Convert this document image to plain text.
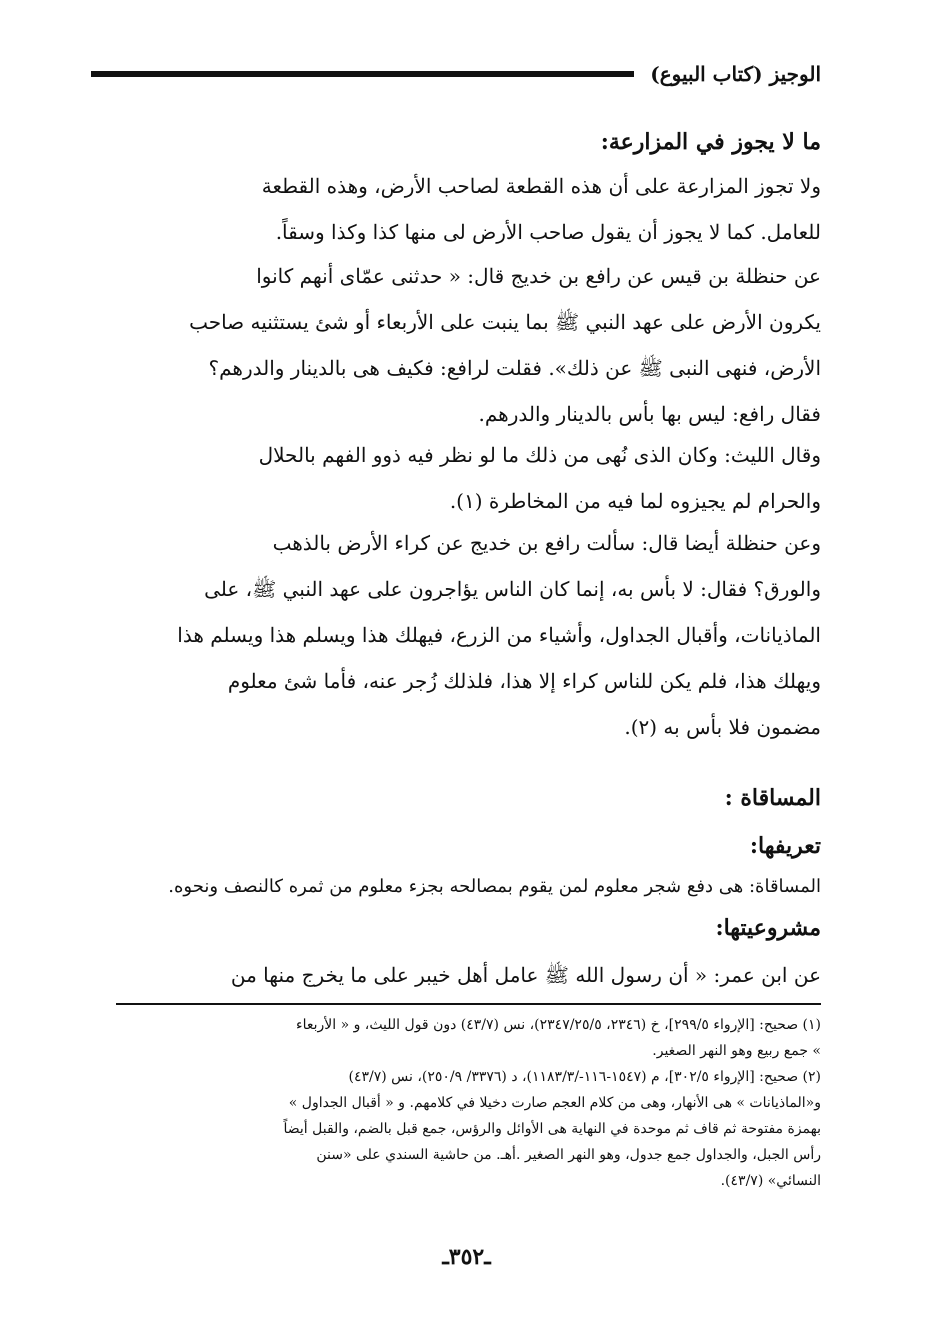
الوجيز (كتاب البيوع)
ما لا يجوز في المزارعة:
ولا تجوز المزارعة على أن هذه القطعة لصاحب الأرض، وهذه القطعة
للعامل. كما لا يجوز أن يقول صاحب الأرض لى منها كذا وكذا وسقاً.
عن حنظلة بن قيس عن رافع بن خديج قال: « حدثنى عمّاى أنهم كانوا
يكرون الأرض على عهد النبي ﷺ بما ينبت على الأربعاء أو شئ يستثنيه صاحب
الأرض، فنهى النبى ﷺ عن ذلك». فقلت لرافع: فكيف هى بالدينار والدرهم؟
فقال رافع: ليس بها بأس بالدينار والدرهم.
وقال الليث: وكان الذى نُهى من ذلك ما لو نظر فيه ذوو الفهم بالحلال
والحرام لم يجيزوه لما فيه من المخاطرة (١).
وعن حنظلة أيضا قال: سألت رافع بن خديج عن كراء الأرض بالذهب
والورق؟ فقال: لا بأس به، إنما كان الناس يؤاجرون على عهد النبي ﷺ، على
الماذيانات، وأقبال الجداول، وأشياء من الزرع، فيهلك هذا ويسلم هذا ويسلم هذا
ويهلك هذا، فلم يكن للناس كراء إلا هذا، فلذلك زُجر عنه، فأما شئ معلوم
مضمون فلا بأس به (٢).
المساقاة :
تعريفها:
المساقاة: هى دفع شجر معلوم لمن يقوم بمصالحه بجزء معلوم من ثمره كالنصف ونحوه.
مشروعيتها:
عن ابن عمر: « أن رسول الله ﷺ عامل أهل خيبر على ما يخرج منها من
(١) صحيح: [الإرواء ٢٩٩/٥]، خ (٢٣٤٦، ٢٣٤٧/٢٥/٥)، نس (٤٣/٧) دون قول الليث، و « الأربعاء
» جمع ربيع وهو النهر الصغير.
(٢) صحيح: [الإرواء ٣٠٢/٥]، م (١٥٤٧-١١٦-/١١٨٣/٣)، د (٣٣٧٦/ ٢٥٠/٩)، نس (٤٣/٧)
و«الماذيانات » هى الأنهار، وهى من كلام العجم صارت دخيلا في كلامهم. و « أقبال الجداول »
بهمزة مفتوحة ثم قاف ثم موحدة في النهاية هى الأوائل والرؤس، جمع قبل بالضم، والقبل أيضاً
رأس الجبل، والجداول جمع جدول، وهو النهر الصغير .أهـ. من حاشية السندي على «سنن
النسائي» (٤٣/٧).
ـ٣٥٢ـ
